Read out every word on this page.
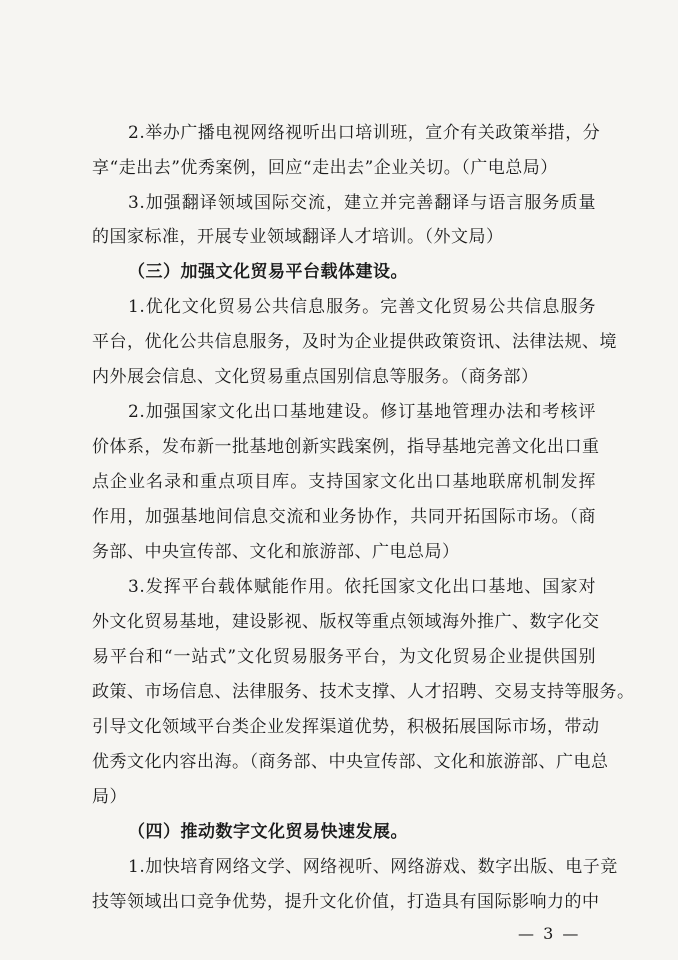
2.举办广播电视网络视听出口培训班，宣介有关政策举措，分
享“走出去”优秀案例，回应“走出去”企业关切。（广电总局）
3.加强翻译领域国际交流，建立并完善翻译与语言服务质量
的国家标准，开展专业领域翻译人才培训。（外文局）
（三）加强文化贸易平台载体建设。
1.优化文化贸易公共信息服务。完善文化贸易公共信息服务
平台，优化公共信息服务，及时为企业提供政策资讯、法律法规、境
内外展会信息、文化贸易重点国别信息等服务。（商务部）
2.加强国家文化出口基地建设。修订基地管理办法和考核评
价体系，发布新一批基地创新实践案例，指导基地完善文化出口重
点企业名录和重点项目库。支持国家文化出口基地联席机制发挥
作用，加强基地间信息交流和业务协作，共同开拓国际市场。（商
务部、中央宣传部、文化和旅游部、广电总局）
3.发挥平台载体赋能作用。依托国家文化出口基地、国家对
外文化贸易基地，建设影视、版权等重点领域海外推广、数字化交
易平台和“一站式”文化贸易服务平台，为文化贸易企业提供国别
政策、市场信息、法律服务、技术支撑、人才招聘、交易支持等服务。
引导文化领域平台类企业发挥渠道优势，积极拓展国际市场，带动
优秀文化内容出海。（商务部、中央宣传部、文化和旅游部、广电总
局）
（四）推动数字文化贸易快速发展。
1.加快培育网络文学、网络视听、网络游戏、数字出版、电子竞
技等领域出口竞争优势，提升文化价值，打造具有国际影响力的中
— 3 —
